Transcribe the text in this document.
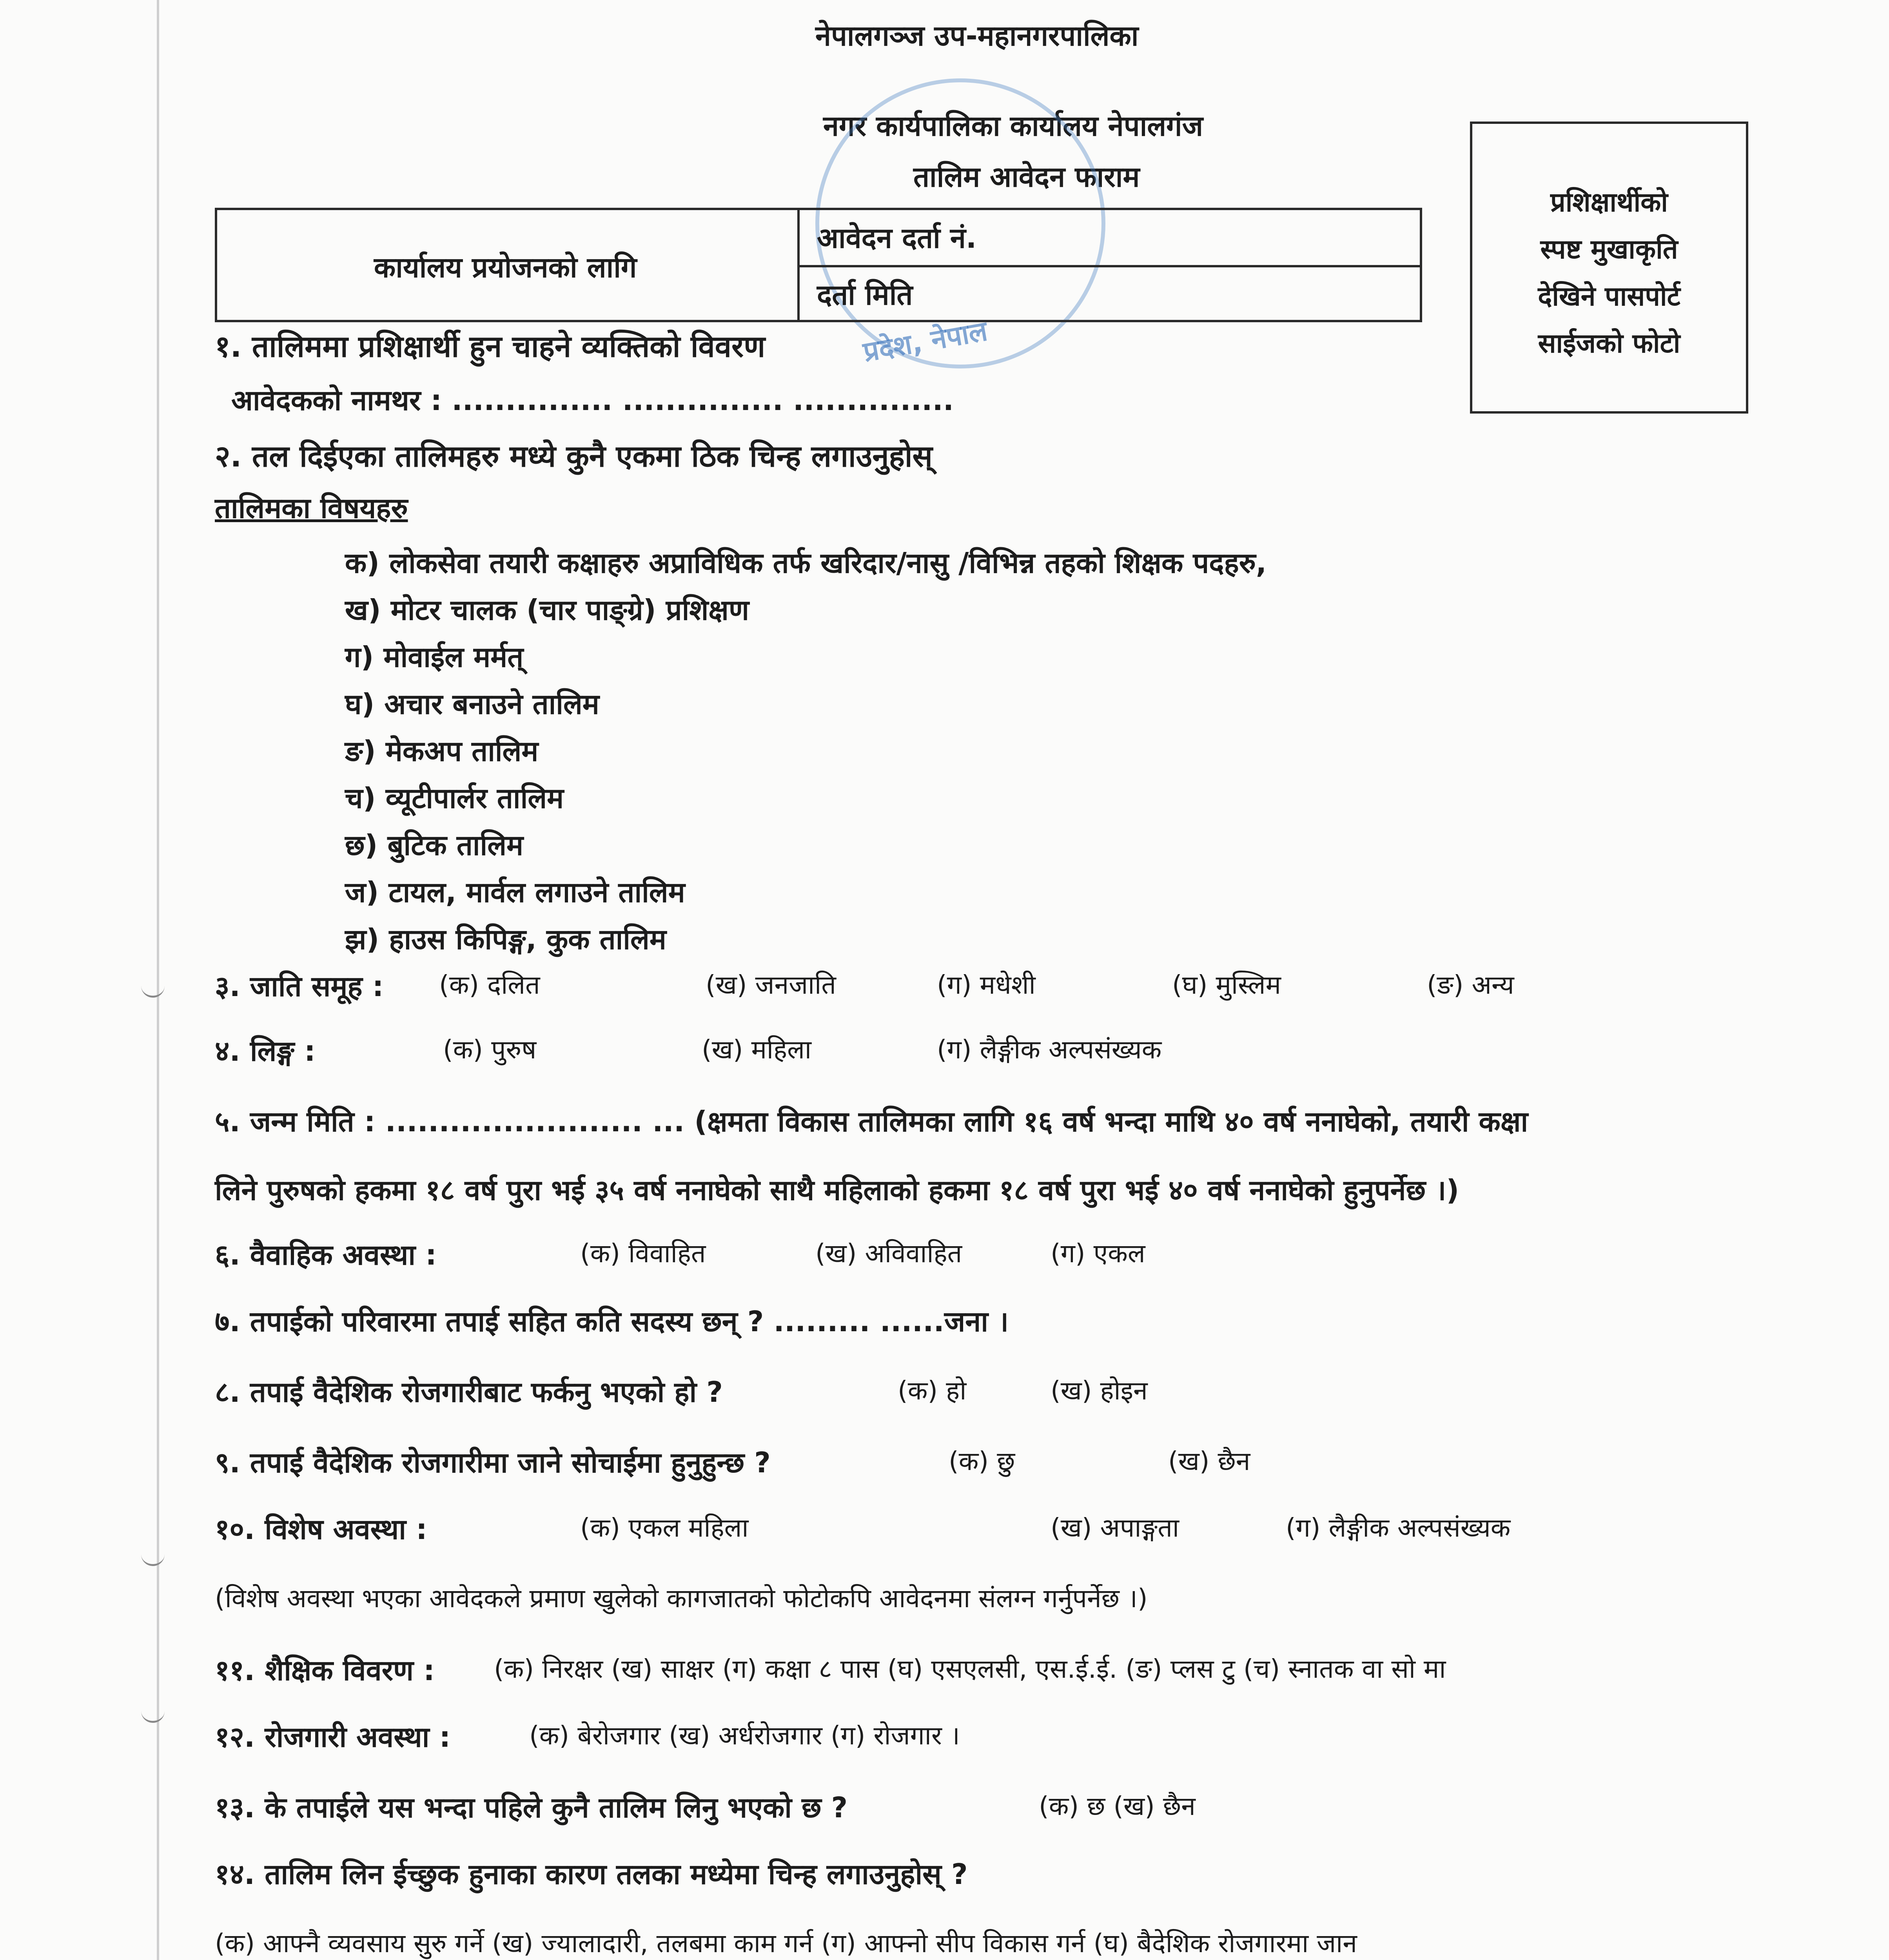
नेपालगञ्ज उप-महानगरपालिका
नगर कार्यपालिका कार्यालय नेपालगंज
तालिम आवेदन फाराम
प्रदेश, नेपाल
प्रशिक्षार्थीको
स्पष्ट मुखाकृति
देखिने पासपोर्ट
साईजको फोटो
कार्यालय प्रयोजनको लागि
आवेदन दर्ता नं.
दर्ता मिति
१. तालिममा प्रशिक्षार्थी हुन चाहने व्यक्तिको विवरण
आवेदकको नामथर : ............... ............... ...............
२. तल दिईएका तालिमहरु मध्ये कुनै एकमा ठिक चिन्ह लगाउनुहोस्
तालिमका विषयहरु
क) लोकसेवा तयारी कक्षाहरु अप्राविधिक तर्फ खरिदार/नासु /विभिन्न तहको शिक्षक पदहरु,
ख) मोटर चालक (चार पाङ्ग्रे) प्रशिक्षण
ग) मोवाईल मर्मत्
घ) अचार बनाउने तालिम
ङ) मेकअप तालिम
च) व्यूटीपार्लर तालिम
छ) बुटिक तालिम
ज) टायल, मार्वल लगाउने तालिम
झ) हाउस किपिङ्ग, कुक तालिम
३. जाति समूह : (क) दलित	(ख) जनजाति	(ग) मधेशी	(घ) मुस्लिम	(ङ) अन्य
४. लिङ्ग :	(क) पुरुष	(ख) महिला	(ग) लैङ्गीक अल्पसंख्यक
५. जन्म मिति : ........................ ... (क्षमता विकास तालिमका लागि १६ वर्ष भन्दा माथि ४० वर्ष ननाघेको, तयारी कक्षा
लिने पुरुषको हकमा १८ वर्ष पुरा भई ३५ वर्ष ननाघेको साथै महिलाको हकमा १८ वर्ष पुरा भई ४० वर्ष ननाघेको हुनुपर्नेछ ।)
६. वैवाहिक अवस्था :	(क) विवाहित	(ख) अविवाहित	(ग) एकल
७. तपाईको परिवारमा तपाई सहित कति सदस्य छन् ? ......... ......जना ।
८. तपाई वैदेशिक रोजगारीबाट फर्कनु भएको हो ?	(क) हो	(ख) होइन
९. तपाई वैदेशिक रोजगारीमा जाने सोचाईमा हुनुहुन्छ ?	(क) छु	(ख) छैन
१०. विशेष अवस्था :	(क) एकल महिला	(ख) अपाङ्गता	(ग) लैङ्गीक अल्पसंख्यक
(विशेष अवस्था भएका आवेदकले प्रमाण खुलेको कागजातको फोटोकपि आवेदनमा संलग्न गर्नुपर्नेछ ।)
११. शैक्षिक विवरण : (क) निरक्षर (ख) साक्षर (ग) कक्षा ८ पास (घ) एसएलसी, एस.ई.ई. (ङ) प्लस टु (च) स्नातक वा सो मा
१२. रोजगारी अवस्था :	(क) बेरोजगार (ख) अर्धरोजगार (ग) रोजगार ।
१३. के तपाईले यस भन्दा पहिले कुनै तालिम लिनु भएको छ ?	(क) छ (ख) छैन
१४. तालिम लिन ईच्छुक हुनाका कारण तलका मध्येमा चिन्ह लगाउनुहोस् ?
(क) आफ्नै व्यवसाय सुरु गर्ने (ख) ज्यालादारी, तलबमा काम गर्न (ग) आफ्नो सीप विकास गर्न (घ) बैदेशिक रोजगारमा जान
